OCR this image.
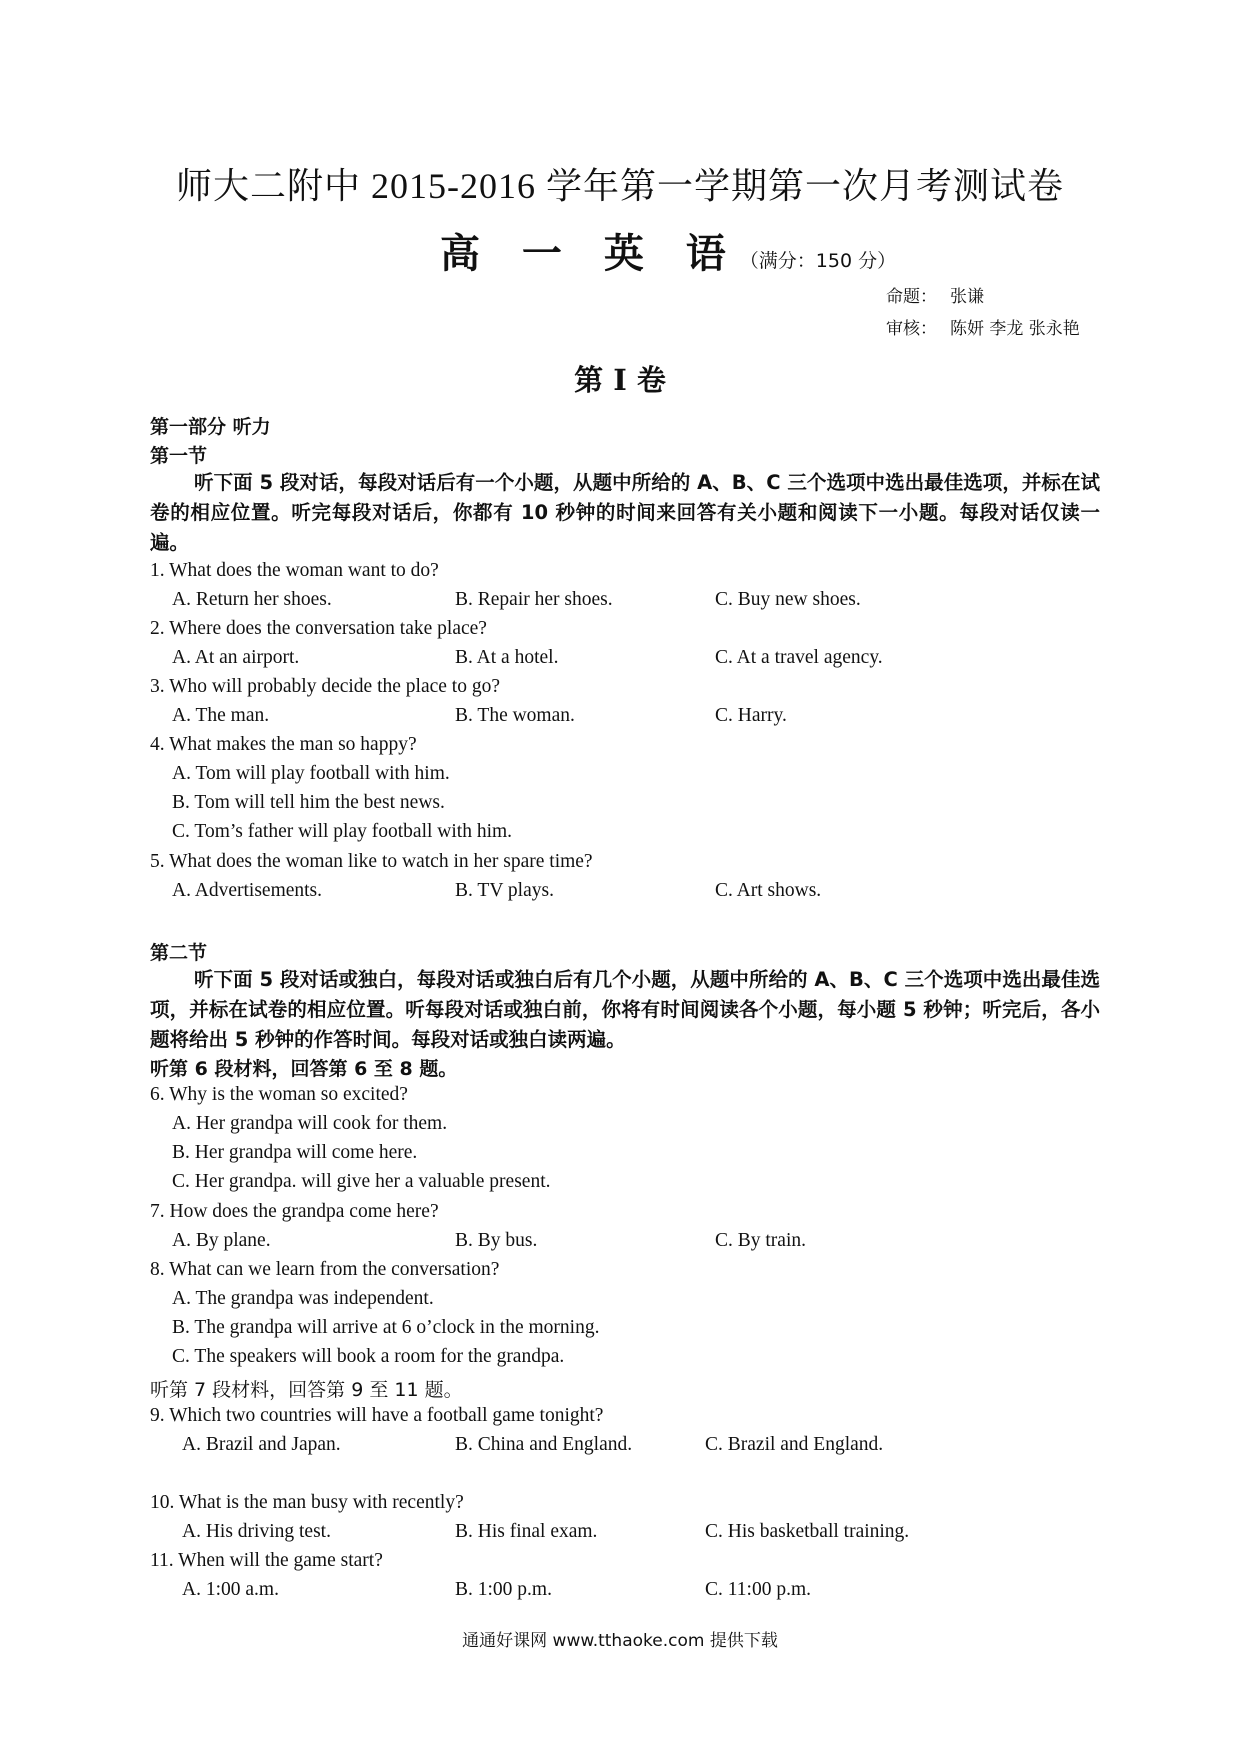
师大二附中 2015-2016 学年第一学期第一次月考测试卷
高 一 英 语（满分：150 分）
命题： 张谦
审核： 陈妍 李龙 张永艳
第 I 卷
第一部分 听力
第一节
听下面 5 段对话，每段对话后有一个小题，从题中所给的 A、B、C 三个选项中选出最佳选项，并标在试卷的相应位置。听完每段对话后，你都有 10 秒钟的时间来回答有关小题和阅读下一小题。每段对话仅读一遍。
1. What does the woman want to do?
A. Return her shoes.	B. Repair her shoes.	C. Buy new shoes.
2. Where does the conversation take place?
A. At an airport.	B. At a hotel.	C. At a travel agency.
3. Who will probably decide the place to go?
A. The man.	B. The woman.	C. Harry.
4. What makes the man so happy?
A. Tom will play football with him.
B. Tom will tell him the best news.
C. Tom’s father will play football with him.
5. What does the woman like to watch in her spare time?
A. Advertisements.	B. TV plays.	C. Art shows.
第二节
听下面 5 段对话或独白，每段对话或独白后有几个小题，从题中所给的 A、B、C 三个选项中选出最佳选项，并标在试卷的相应位置。听每段对话或独白前，你将有时间阅读各个小题，每小题 5 秒钟；听完后，各小题将给出 5 秒钟的作答时间。每段对话或独白读两遍。
听第 6 段材料，回答第 6 至 8 题。
6. Why is the woman so excited?
A. Her grandpa will cook for them.
B. Her grandpa will come here.
C. Her grandpa. will give her a valuable present.
7. How does the grandpa come here?
A. By plane.	B. By bus.	C. By train.
8. What can we learn from the conversation?
A. The grandpa was independent.
B. The grandpa will arrive at 6 o’clock in the morning.
C. The speakers will book a room for the grandpa.
听第 7 段材料，回答第 9 至 11 题。
9. Which two countries will have a football game tonight?
A. Brazil and Japan.	B. China and England.	C. Brazil and England.
10. What is the man busy with recently?
A. His driving test.	B. His final exam.	C. His basketball training.
11. When will the game start?
A. 1:00 a.m.	B. 1:00 p.m.	C. 11:00 p.m.
通通好课网 www.tthaoke.com 提供下载
